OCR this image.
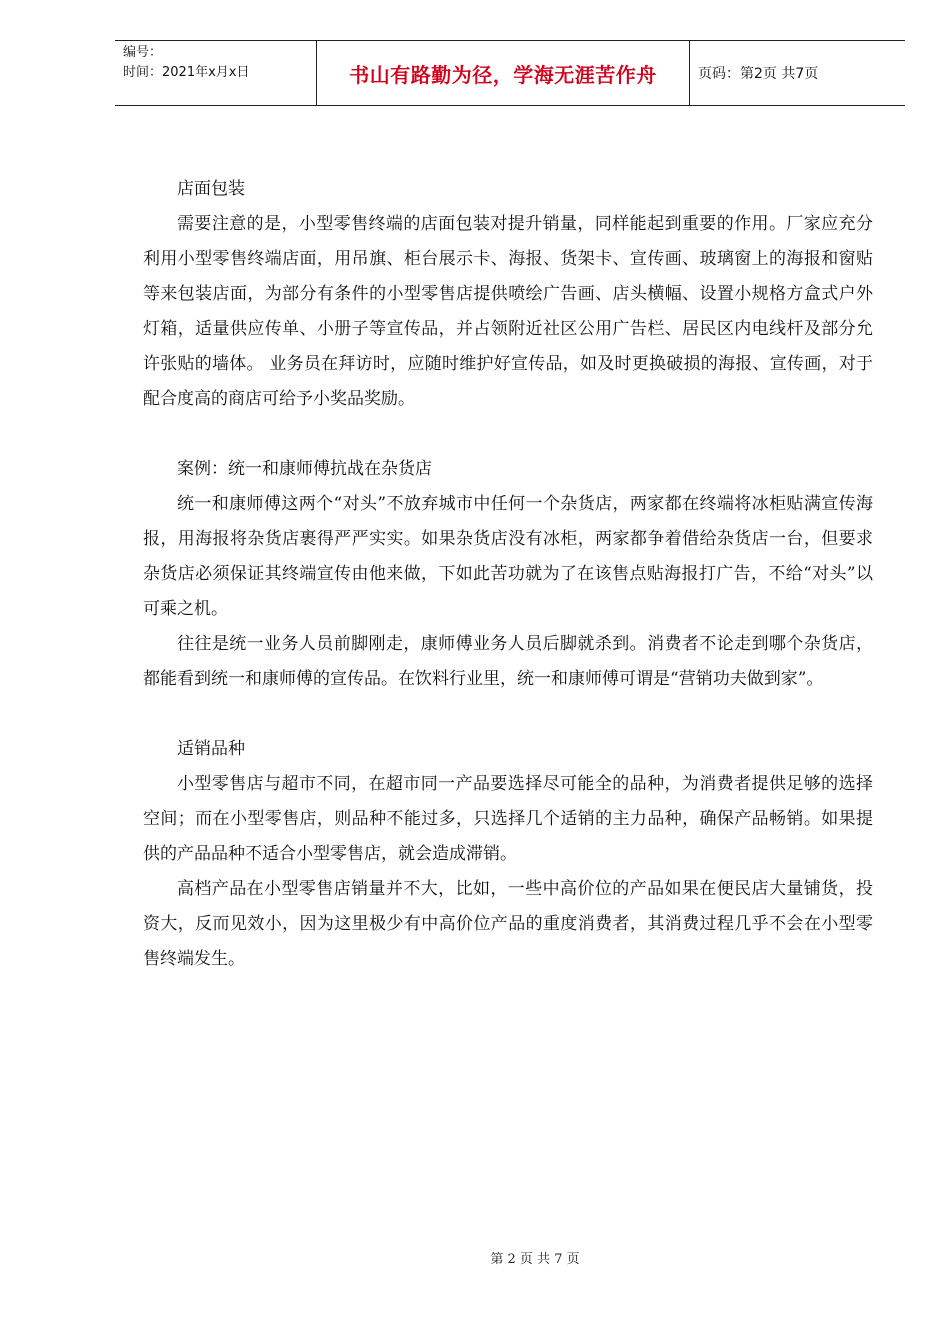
编号：
时间：2021年x月x日	书山有路勤为径，学海无涯苦作舟	页码：第2页 共7页

店面包装

需要注意的是，小型零售终端的店面包装对提升销量，同样能起到重要的作用。厂家应充分利用小型零售终端店面，用吊旗、柜台展示卡、海报、货架卡、宣传画、玻璃窗上的海报和窗贴等来包装店面，为部分有条件的小型零售店提供喷绘广告画、店头横幅、设置小规格方盒式户外灯箱，适量供应传单、小册子等宣传品，并占领附近社区公用广告栏、居民区内电线杆及部分允许张贴的墙体。 业务员在拜访时，应随时维护好宣传品，如及时更换破损的海报、宣传画，对于配合度高的商店可给予小奖品奖励。

案例：统一和康师傅抗战在杂货店

统一和康师傅这两个“对头”不放弃城市中任何一个杂货店，两家都在终端将冰柜贴满宣传海报，用海报将杂货店裹得严严实实。如果杂货店没有冰柜，两家都争着借给杂货店一台，但要求杂货店必须保证其终端宣传由他来做，下如此苦功就为了在该售点贴海报打广告，不给“对头”以可乘之机。

往往是统一业务人员前脚刚走，康师傅业务人员后脚就杀到。消费者不论走到哪个杂货店，都能看到统一和康师傅的宣传品。在饮料行业里，统一和康师傅可谓是“营销功夫做到家”。

适销品种

小型零售店与超市不同，在超市同一产品要选择尽可能全的品种，为消费者提供足够的选择空间；而在小型零售店，则品种不能过多，只选择几个适销的主力品种，确保产品畅销。如果提供的产品品种不适合小型零售店，就会造成滞销。

高档产品在小型零售店销量并不大，比如，一些中高价位的产品如果在便民店大量铺货，投资大，反而见效小，因为这里极少有中高价位产品的重度消费者，其消费过程几乎不会在小型零售终端发生。

第 2 页 共 7 页
